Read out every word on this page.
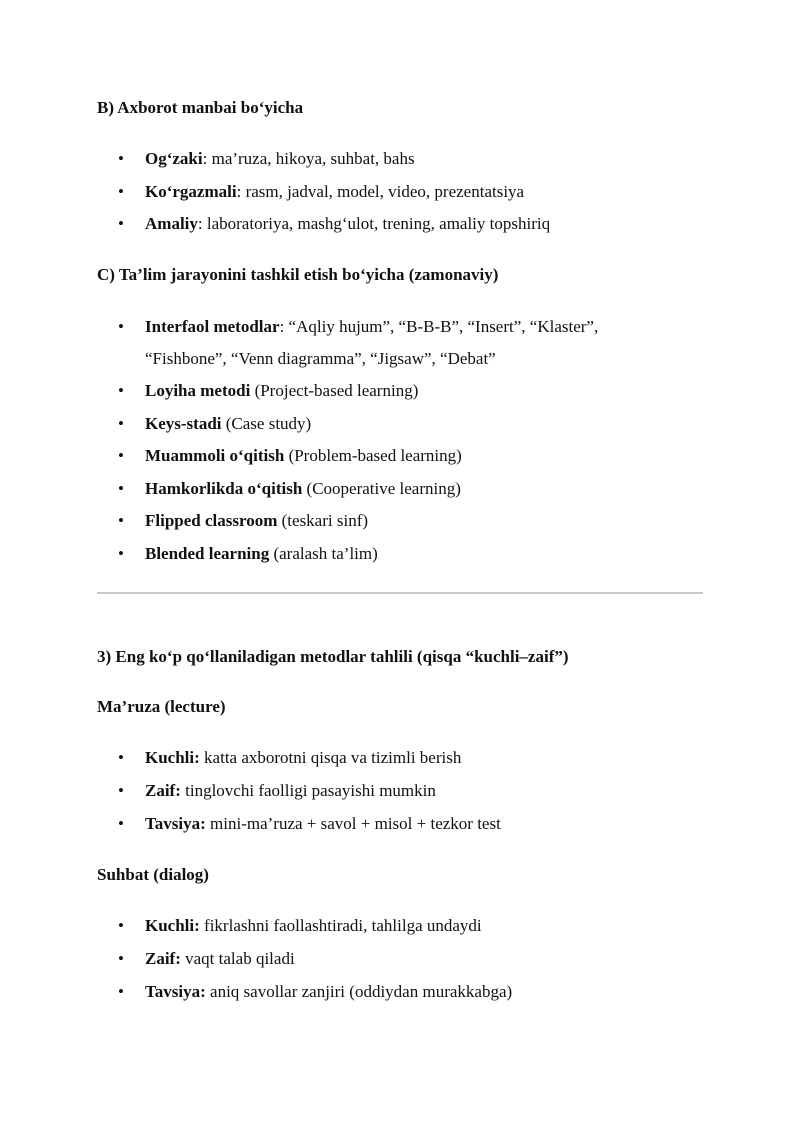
B) Axborot manbai bo‘yicha
•	Og‘zaki: ma’ruza, hikoya, suhbat, bahs
•	Ko‘rgazmali: rasm, jadval, model, video, prezentatsiya
•	Amaliy: laboratoriya, mashg‘ulot, trening, amaliy topshiriq
C) Ta’lim jarayonini tashkil etish bo‘yicha (zamonaviy)
•	Interfaol metodlar: “Aqliy hujum”, “B-B-B”, “Insert”, “Klaster”,
“Fishbone”, “Venn diagramma”, “Jigsaw”, “Debat”
•	Loyiha metodi (Project-based learning)
•	Keys-stadi (Case study)
•	Muammoli o‘qitish (Problem-based learning)
•	Hamkorlikda o‘qitish (Cooperative learning)
•	Flipped classroom (teskari sinf)
•	Blended learning (aralash ta’lim)
3) Eng ko‘p qo‘llaniladigan metodlar tahlili (qisqa “kuchli–zaif”)
Ma’ruza (lecture)
•	Kuchli: katta axborotni qisqa va tizimli berish
•	Zaif: tinglovchi faolligi pasayishi mumkin
•	Tavsiya: mini-ma’ruza + savol + misol + tezkor test
Suhbat (dialog)
•	Kuchli: fikrlashni faollashtiradi, tahlilga undaydi
•	Zaif: vaqt talab qiladi
•	Tavsiya: aniq savollar zanjiri (oddiydan murakkabga)
